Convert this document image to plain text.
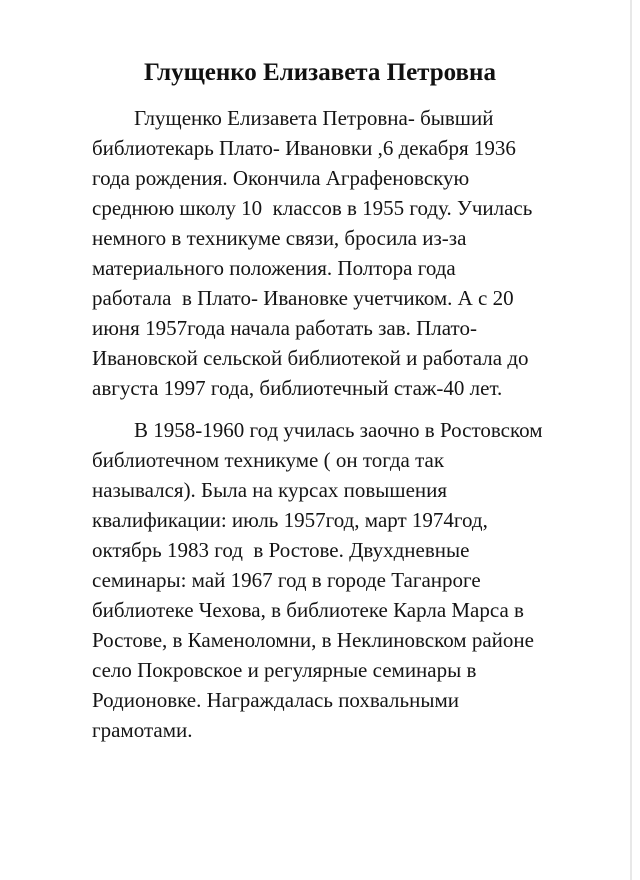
Глущенко Елизавета Петровна

Глущенко Елизавета Петровна- бывший

библиотекарь Плато- Ивановки ,6 декабря 1936

года рождения. Окончила Аграфеновскую

среднюю школу 10  классов в 1955 году. Училась

немного в техникуме связи, бросила из-за

материального положения. Полтора года

работала  в Плато- Ивановке учетчиком. А с 20

июня 1957года начала работать зав. Плато-

Ивановской сельской библиотекой и работала до

августа 1997 года, библиотечный стаж-40 лет.

В 1958-1960 год училась заочно в Ростовском

библиотечном техникуме ( он тогда так

назывался). Была на курсах повышения

квалификации: июль 1957год, март 1974год,

октябрь 1983 год  в Ростове. Двухдневные

семинары: май 1967 год в городе Таганроге

библиотеке Чехова, в библиотеке Карла Марса в

Ростове, в Каменоломни, в Неклиновском районе

село Покровское и регулярные семинары в

Родионовке. Награждалась похвальными

грамотами.
